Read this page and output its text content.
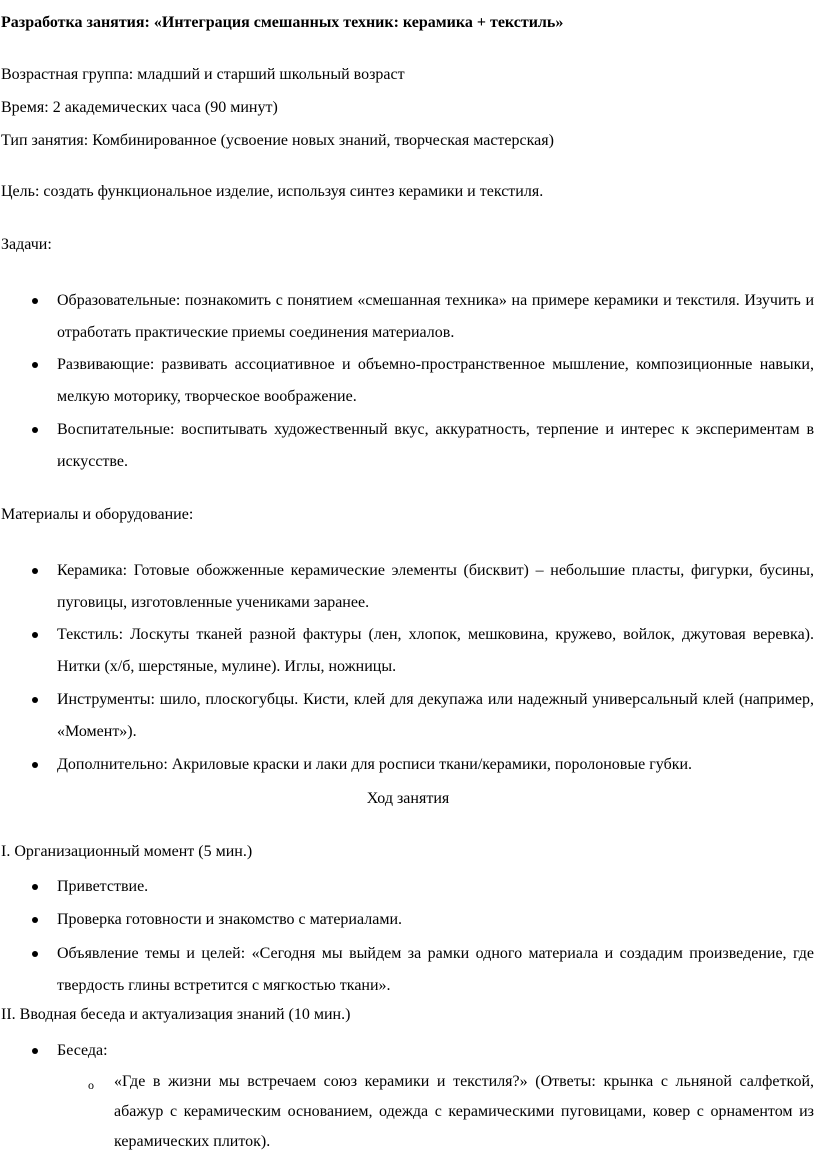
Разработка занятия: «Интеграция смешанных техник: керамика + текстиль»
Возрастная группа: младший и старший школьный возраст
Время: 2 академических часа (90 минут)
Тип занятия: Комбинированное (усвоение новых знаний, творческая мастерская)
Цель: создать функциональное изделие, используя синтез керамики и текстиля.
Задачи:
Образовательные: познакомить с понятием «смешанная техника» на примере керамики и текстиля. Изучить и отработать практические приемы соединения материалов.
Развивающие: развивать ассоциативное и объемно-пространственное мышление, композиционные навыки, мелкую моторику, творческое воображение.
Воспитательные: воспитывать художественный вкус, аккуратность, терпение и интерес к экспериментам в искусстве.
Материалы и оборудование:
Керамика: Готовые обожженные керамические элементы (бисквит) – небольшие пласты, фигурки, бусины, пуговицы, изготовленные учениками заранее.
Текстиль: Лоскуты тканей разной фактуры (лен, хлопок, мешковина, кружево, войлок, джутовая веревка). Нитки (х/б, шерстяные, мулине). Иглы, ножницы.
Инструменты: шило, плоскогубцы. Кисти, клей для декупажа или надежный универсальный клей (например, «Момент»).
Дополнительно: Акриловые краски и лаки для росписи ткани/керамики, поролоновые губки.
Ход занятия
I. Организационный момент (5 мин.)
Приветствие.
Проверка готовности и знакомство с материалами.
Объявление темы и целей: «Сегодня мы выйдем за рамки одного материала и создадим произведение, где твердость глины встретится с мягкостью ткани».
II. Вводная беседа и актуализация знаний (10 мин.)
Беседа:
o «Где в жизни мы встречаем союз керамики и текстиля?» (Ответы: крынка с льняной салфеткой, абажур с керамическим основанием, одежда с керамическими пуговицами, ковер с орнаментом из керамических плиток).
